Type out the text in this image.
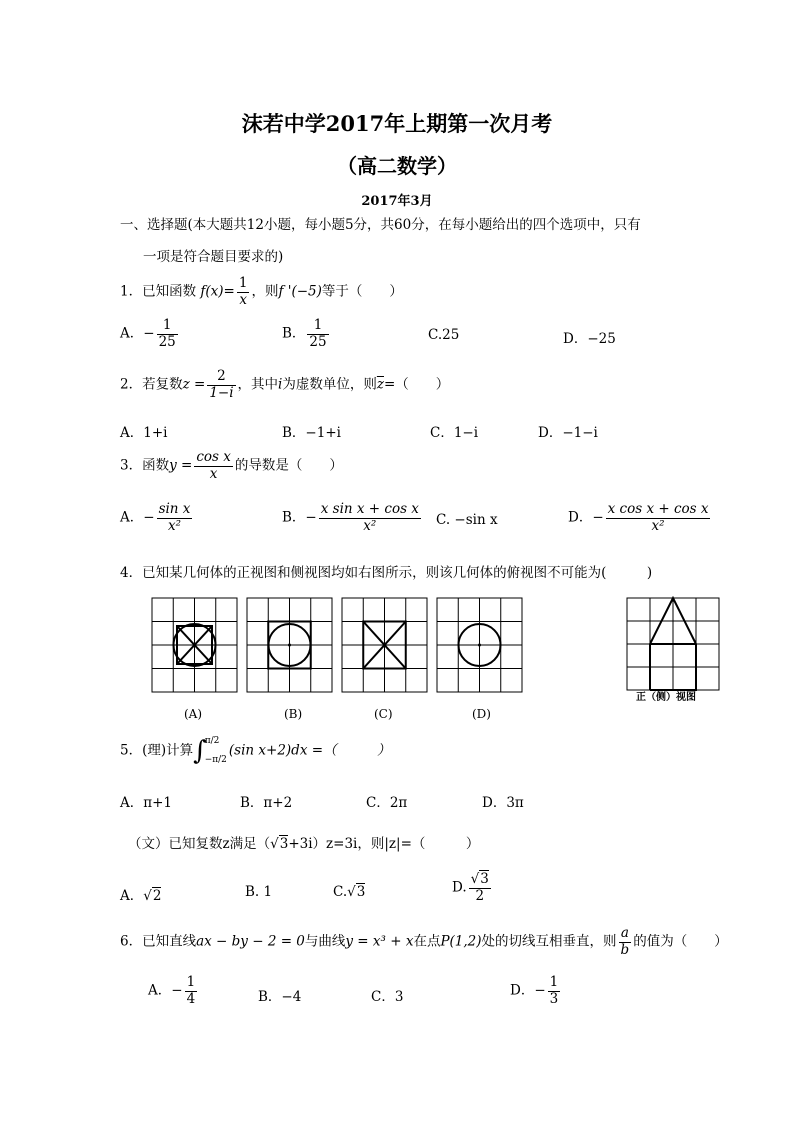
沫若中学2017年上期第一次月考
（高二数学）
2017年3月
一、选择题(本大题共12小题，每小题5分，共60分，在每小题给出的四个选项中，只有
一项是符合题目要求的)
1．已知函数 $f(x)= \frac{1}{x}$ ，则f '(−5)等于（　　）
A．− $\frac{1}{25}$	B． $\frac{1}{25}$	C.25	D．−25
2．若复数$z = \frac{2}{1-i}$ ，其中i为虚数单位，则$\overline{z}=$（　　）
A．1+i	B．−1+i	C．1−i	D．−1−i
3．函数$y = \frac{\text{cos x}}{x}$ 的导数是（　　）
A．− $\frac{\text{sin x}}{\text{x²}}$	B．− $\frac{\text{x sin x + cos x}}{\text{x²}} C$. −sin x	D．− $\frac{\text{x cos x + cos x}}{\text{x²}}$
4．已知某几何体的正视图和侧视图均如右图所示，则该几何体的俯视图不可能为(　　　)
(A)	(B)	(C)	(D)
正（侧）视图
5．(理)计算∫
π/2
−π/2
(sin x+2)dx =（　　　）
A．π+1	B．π+2	C．2π	D．3π
（文）已知复数z满足（√3+3i）z=3i，则|z|=（　　　）
A．√2	B. 1	C.√3	D. $\frac{√3}{2}$
6．已知直线ax − by − 2 = 0与曲线y = x³ + x在点P(1,2)处的切线互相垂直，则 $\frac{a}{b}$ 的值为（　　）
A．− $\frac{1}{4}$	B．−4	C．3	D．− $\frac{1}{3}$
